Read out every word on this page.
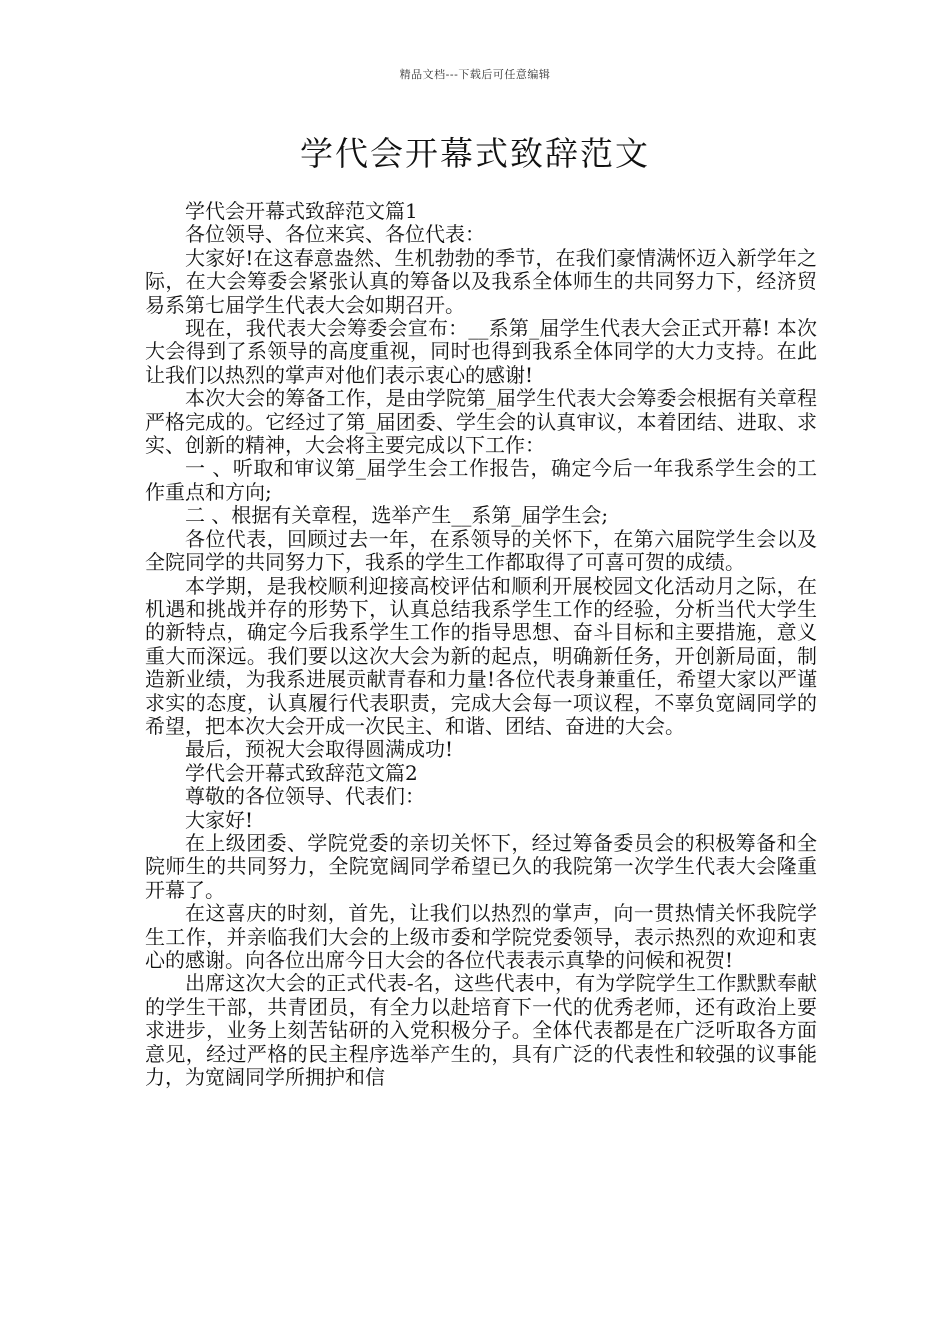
精品文档---下载后可任意编辑
学代会开幕式致辞范文

学代会开幕式致辞范文篇1

各位领导、各位来宾、各位代表：

大家好!在这春意盎然、生机勃勃的季节，在我们豪情满怀迈入新学年之际，在大会筹委会紧张认真的筹备以及我系全体师生的共同努力下，经济贸易系第七届学生代表大会如期召开。

现在，我代表大会筹委会宣布：__系第_届学生代表大会正式开幕! 本次大会得到了系领导的高度重视，同时也得到我系全体同学的大力支持。在此让我们以热烈的掌声对他们表示衷心的感谢!

本次大会的筹备工作，是由学院第_届学生代表大会筹委会根据有关章程严格完成的。它经过了第_届团委、学生会的认真审议，本着团结、进取、求实、创新的精神，大会将主要完成以下工作：

一 、听取和审议第_届学生会工作报告，确定今后一年我系学生会的工作重点和方向;

二 、根据有关章程，选举产生__系第_届学生会;

各位代表，回顾过去一年，在系领导的关怀下，在第六届院学生会以及全院同学的共同努力下，我系的学生工作都取得了可喜可贺的成绩。

本学期，是我校顺利迎接高校评估和顺利开展校园文化活动月之际，在机遇和挑战并存的形势下，认真总结我系学生工作的经验，分析当代大学生的新特点，确定今后我系学生工作的指导思想、奋斗目标和主要措施，意义重大而深远。我们要以这次大会为新的起点，明确新任务，开创新局面，制造新业绩，为我系进展贡献青春和力量!各位代表身兼重任，希望大家以严谨求实的态度，认真履行代表职责，完成大会每一项议程，不辜负宽阔同学的希望，把本次大会开成一次民主、和谐、团结、奋进的大会。

最后，预祝大会取得圆满成功!

学代会开幕式致辞范文篇2

尊敬的各位领导、代表们：

大家好!

在上级团委、学院党委的亲切关怀下，经过筹备委员会的积极筹备和全院师生的共同努力，全院宽阔同学希望已久的我院第一次学生代表大会隆重开幕了。

在这喜庆的时刻，首先，让我们以热烈的掌声，向一贯热情关怀我院学生工作，并亲临我们大会的上级市委和学院党委领导，表示热烈的欢迎和衷心的感谢。向各位出席今日大会的各位代表表示真挚的问候和祝贺!

出席这次大会的正式代表-名，这些代表中，有为学院学生工作默默奉献的学生干部，共青团员，有全力以赴培育下一代的优秀老师，还有政治上要求进步，业务上刻苦钻研的入党积极分子。全体代表都是在广泛听取各方面意见，经过严格的民主程序选举产生的，具有广泛的代表性和较强的议事能力，为宽阔同学所拥护和信
